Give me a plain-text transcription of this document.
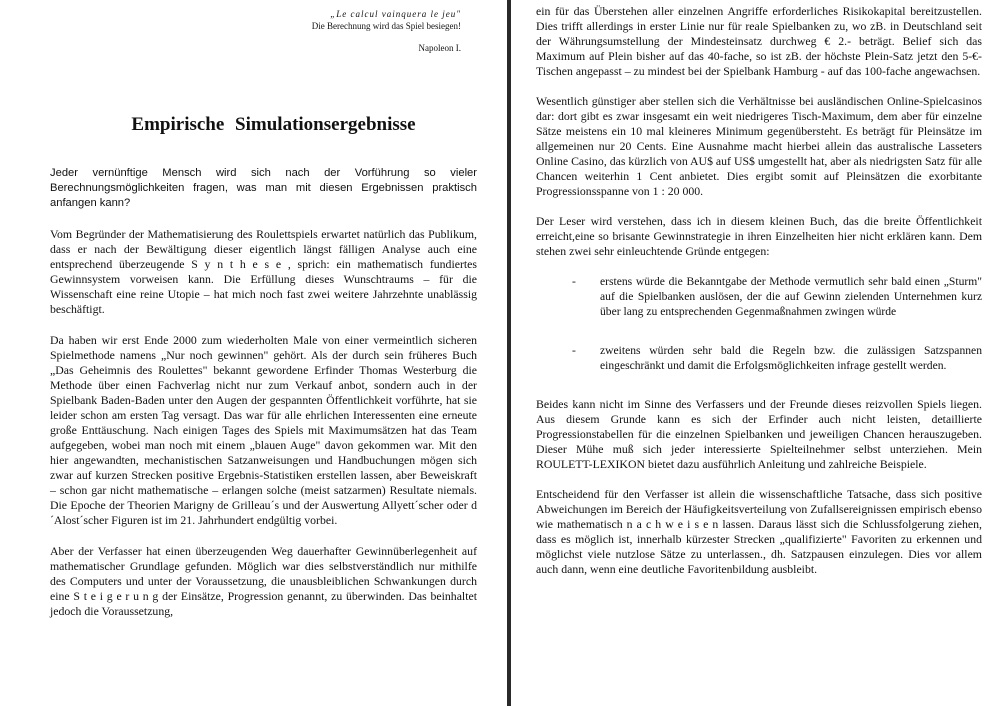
„Le calcul vainquera le jeu"
Die Berechnung wird das Spiel besiegen!
Napoleon I.
Empirische Simulationsergebnisse

Jeder vernünftige Mensch wird sich nach der Vorführung so vieler Berechnungsmöglichkeiten fragen, was man mit diesen Ergebnissen praktisch anfangen kann?

Vom Begründer der Mathematisierung des Roulettspiels erwartet natürlich das Publikum, dass er nach der Bewältigung dieser eigentlich längst fälligen Analyse auch eine entsprechend überzeugende S y n t h e s e , sprich: ein mathematisch fundiertes Gewinnsystem vorweisen kann. Die Erfüllung dieses Wunschtraums – für die Wissenschaft eine reine Utopie – hat mich noch fast zwei weitere Jahrzehnte unablässig beschäftigt.

Da haben wir erst Ende 2000 zum wiederholten Male von einer vermeintlich sicheren Spielmethode namens „Nur noch gewinnen" gehört. Als der durch sein früheres Buch „Das Geheimnis des Roulettes" bekannt gewordene Erfinder Thomas Westerburg die Methode über einen Fachverlag nicht nur zum Verkauf anbot, sondern auch in der Spielbank Baden-Baden unter den Augen der gespannten Öffentlichkeit vorführte, hat sie leider schon am ersten Tag versagt. Das war für alle ehrlichen Interessenten eine erneute große Enttäuschung. Nach einigen Tages des Spiels mit Maximumsätzen hat das Team aufgegeben, wobei man noch mit einem „blauen Auge" davon gekommen war. Mit den hier angewandten, mechanistischen Satzanweisungen und Handbuchungen mögen sich zwar auf kurzen Strecken positive Ergebnis-Statistiken erstellen lassen, aber Beweiskraft – schon gar nicht mathematische – erlangen solche (meist satzarmen) Resultate niemals. Die Epoche der Theorien Marigny de Grilleau´s und der Auswertung Allyett´scher oder d´Alost´scher Figuren ist im 21. Jahrhundert endgültig vorbei.

Aber der Verfasser hat einen überzeugenden Weg dauerhafter Gewinnüberlegenheit auf mathematischer Grundlage gefunden. Möglich war dies selbstverständlich nur mithilfe des Computers und unter der Voraussetzung, die unausbleiblichen Schwankungen durch eine S t e i g e r u n g der Einsätze, Progression genannt, zu überwinden. Das beinhaltet jedoch die Voraussetzung,

ein für das Überstehen aller einzelnen Angriffe erforderliches Risikokapital bereitzustellen. Dies trifft allerdings in erster Linie nur für reale Spielbanken zu, wo zB. in Deutschland seit der Währungsumstellung der Mindesteinsatz durchweg € 2.- beträgt. Belief sich das Maximum auf Plein bisher auf das 40-fache, so ist zB. der höchste Plein-Satz jetzt den 5-€-Tischen angepasst – zu mindest bei der Spielbank Hamburg - auf das 100-fache angewachsen.

Wesentlich günstiger aber stellen sich die Verhältnisse bei ausländischen Online-Spielcasinos dar: dort gibt es zwar insgesamt ein weit niedrigeres Tisch-Maximum, dem aber für einzelne Sätze meistens ein 10 mal kleineres Minimum gegenübersteht. Es beträgt für Pleinsätze im allgemeinen nur 20 Cents. Eine Ausnahme macht hierbei allein das australische Lasseters Online Casino, das kürzlich von AU$ auf US$ umgestellt hat, aber als niedrigsten Satz für alle Chancen weiterhin 1 Cent anbietet. Dies ergibt somit auf Pleinsätzen die exorbitante Progressionsspanne von 1 : 20 000.

Der Leser wird verstehen, dass ich in diesem kleinen Buch, das die breite Öffentlichkeit erreicht,eine so brisante Gewinnstrategie in ihren Einzelheiten hier nicht erklären kann. Dem stehen zwei sehr einleuchtende Gründe entgegen:

- erstens würde die Bekanntgabe der Methode vermutlich sehr bald einen „Sturm" auf die Spielbanken auslösen, der die auf Gewinn zielenden Unternehmen kurz über lang zu entsprechenden Gegenmaßnahmen zwingen würde
- zweitens würden sehr bald die Regeln bzw. die zulässigen Satzspannen eingeschränkt und damit die Erfolgsmöglichkeiten infrage gestellt werden.

Beides kann nicht im Sinne des Verfassers und der Freunde dieses reizvollen Spiels liegen. Aus diesem Grunde kann es sich der Erfinder auch nicht leisten, detaillierte Progressionstabellen für die einzelnen Spielbanken und jeweiligen Chancen herauszugeben. Dieser Mühe muß sich jeder interessierte Spielteilnehmer selbst unterziehen. Mein ROULETT-LEXIKON bietet dazu ausführlich Anleitung und zahlreiche Beispiele.

Entscheidend für den Verfasser ist allein die wissenschaftliche Tatsache, dass sich positive Abweichungen im Bereich der Häufigkeitsverteilung von Zufallsereignissen empirisch ebenso wie mathematisch n a c h w e i s e n lassen. Daraus lässt sich die Schlussfolgerung ziehen, dass es möglich ist, innerhalb kürzester Strecken „qualifizierte" Favoriten zu erkennen und möglichst viele nutzlose Sätze zu unterlassen., dh. Satzpausen einzulegen. Dies vor allem auch dann, wenn eine deutliche Favoritenbildung ausbleibt.
